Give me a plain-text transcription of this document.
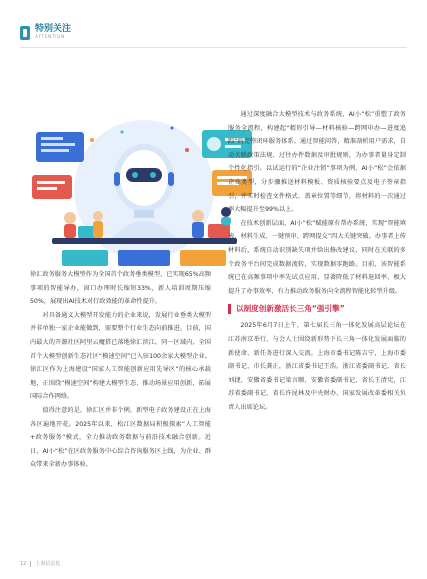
特别关注
ATTENTION

徐汇政务服务大模型作为全国首个政务垂类模型，已实现65%高频事项的智能导办，窗口办理时长缩短33%，新人培训周期压缩50%，展现出AI技术对行政效能的革命性提升。

对具备通义大模型开发能力的企业来说，发展行业垂类大模型并非单独一家企业能做到，需要整个行业生态向前推进。目前，国内最大的开源社区阿里云魔搭已落地徐汇滨江。同一区域内，全国首个大模型创新生态社区“模速空间”已入驻100余家大模型企业。徐汇区作为上海建设“国家人工智能创新应用先导区”的核心承载地，正围绕“模速空间”构建大模型生态，推动场景应用创新，拓展国际合作网络。

值得注意的是，徐汇区并非个例，新型电子政务建设正在上海各区遍地开花。2025年以来，松江区数据局积极探索“人工智能+政务服务”模式，全力推动政务数据与前沿技术融合创新。近日，AI小“松”在区政务服务中心综合咨询服务区上线，为企业、群众带来全新办事体验。

通过深度融合大模型技术与政务系统，AI小“松”重塑了政务服务全流程，构建起“精形引导—材料核验—跨网申办—进度追踪”的完整闭环服务体系。通过智能问答，精准剖析用户需求，自动关联政策法规、过往办件数据及审批规则，为办事者量身定制个性化指引。以试运行的“企业注销”事项为例，AI小“松”会依据企业类型，分步骤推送材料模板、资质核验要点及电子签章指引，并实时检查文件格式、盖章位置等细节，将材料的一次通过率大幅提升至99%以上。

在技术创新层面，AI小“松”赋能原有帮办系统，实现“智能填表、材料生成、一键预审、跨网提交”四大关键突破。办事者上传材料后，系统自动识别缺失项并给出修改建议，同时在关联的多个政务平台间完成数据流转，实现数据零跑路。目前，该智能系统已在高频事项中率先试点应用，显著降低了材料退回率，极大提升了办事效率，有力推动政务服务向全流程智能化转型升级。

以制度创新激活长三角“强引擎”

2025年6月7日上午，第七届长三角一体化发展高层论坛在江苏南京举行，与会人士围绕新形势下长三角一体化发展面临的新使命、新任务进行深入交流。上海市委书记陈吉宁，上海市委副书记、市长龚正，浙江省委书记王浩，浙江省委副书记、省长刘捷，安徽省委书记梁言顺，安徽省委副书记、省长王清宪，江苏省委副书记、省长许昆林及中央财办、国家发展改革委相关负责人出席论坛。

12 上海信息化
